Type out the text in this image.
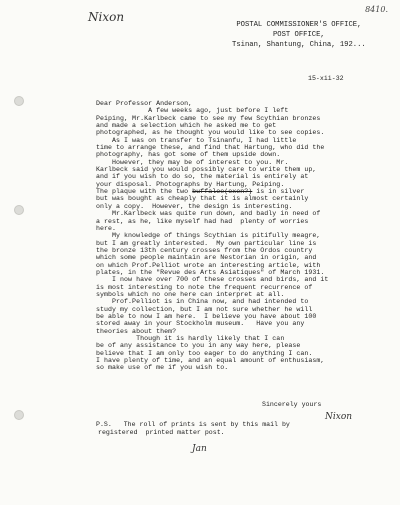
Nixon
8410.
POSTAL COMMISSIONER'S OFFICE,
POST OFFICE,
Tsinan, Shantung, China, 192...
15-xii-32
Dear Professor Anderson,
A few weeks ago, just before I left
Peiping, Mr.Karlbeck came to see my few Scythian bronzes
and made a selection which he asked me to get
photographed, as he thought you would like to see copies.
As I was on transfer to Tsinanfu, I had little
time to arrange these, and find that Hartung, who did the
photography, has got some of them upside down.
However, they may be of interest to you. Mr.
Karlbeck said you would possibly care to write them up,
and if you wish to do so, the material is entirely at
your disposal. Photographs by Hartung, Peiping.
The plaque with the two buffaloe(oxen?) is in silver
but was bought as cheaply that it is almost certainly
only a copy.  However, the design is interesting.
Mr.Karlbeck was quite run down, and badly in need of
a rest, as he, like myself had had  plenty of worries
here.
My knowledge of things Scythian is pitifully meagre,
but I am greatly interested.  My own particular line is
the bronze 13th century crosses from the Ordos country
which some people maintain are Nestorian in origin, and
on which Prof.Pelliot wrote an interesting article, with
plates, in the "Revue des Arts Asiatiques" of March 1931.
I now have over 700 of these crosses and birds, and it
is most interesting to note the frequent recurrence of
symbols which no one here can interpret at all.
Prof.Pelliot is in China now, and had intended to
study my collection, but I am not sure whether he will
be able to now I am here.  I believe you have about 100
stored away in your Stockholm museum.   Have you any
theories about them?
Though it is hardly likely that I can
be of any assistance to you in any way here, please
believe that I am only too eager to do anything I can.
I have plenty of time, and an equal amount of enthusiasm,
so make use of me if you wish to.
Sincerely yours
Nixon
P.S.   The roll of prints is sent by this mail by
registered  printed matter post.
Jan
